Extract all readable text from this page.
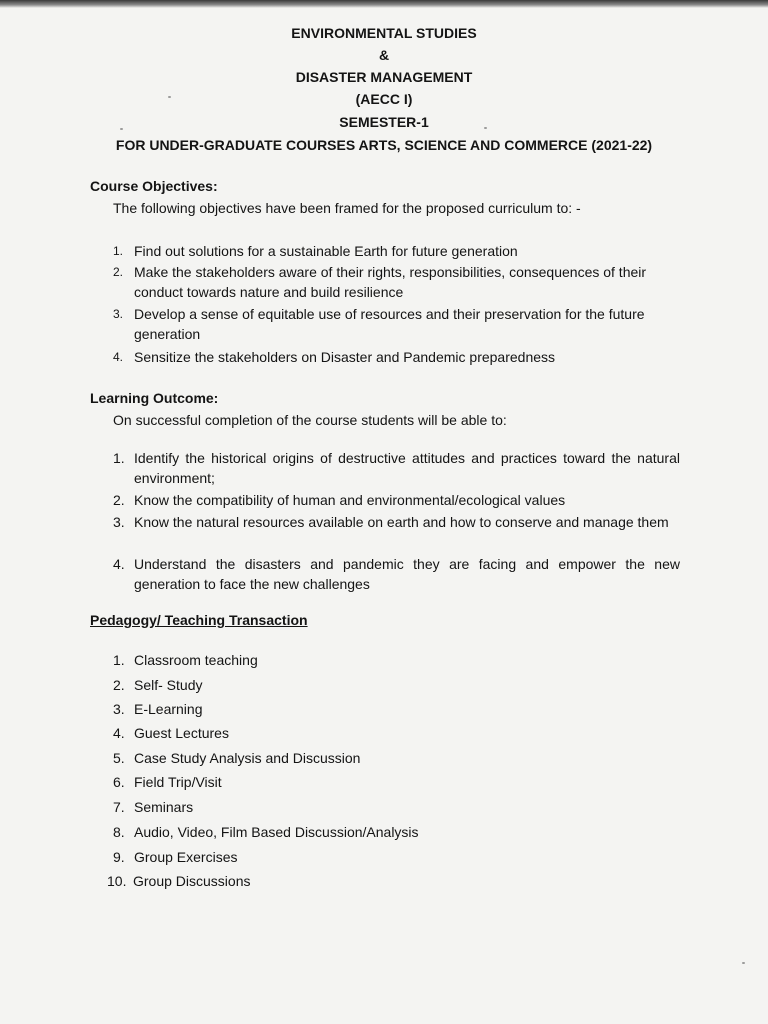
ENVIRONMENTAL STUDIES

&

DISASTER MANAGEMENT

(AECC I)

SEMESTER-1

FOR UNDER-GRADUATE COURSES ARTS, SCIENCE AND COMMERCE (2021-22)

Course Objectives:

The following objectives have been framed for the proposed curriculum to: -

1. Find out solutions for a sustainable Earth for future generation
2. Make the stakeholders aware of their rights, responsibilities, consequences of their conduct towards nature and build resilience
3. Develop a sense of equitable use of resources and their preservation for the future generation
4. Sensitize the stakeholders on Disaster and Pandemic preparedness

Learning Outcome:

On successful completion of the course students will be able to:

1. Identify the historical origins of destructive attitudes and practices toward the natural environment;
2. Know the compatibility of human and environmental/ecological values
3. Know the natural resources available on earth and how to conserve and manage them
4. Understand the disasters and pandemic they are facing and empower the new generation to face the new challenges

Pedagogy/ Teaching Transaction

1. Classroom teaching
2. Self- Study
3. E-Learning
4. Guest Lectures
5. Case Study Analysis and Discussion
6. Field Trip/Visit
7. Seminars
8. Audio, Video, Film Based Discussion/Analysis
9. Group Exercises
10. Group Discussions
